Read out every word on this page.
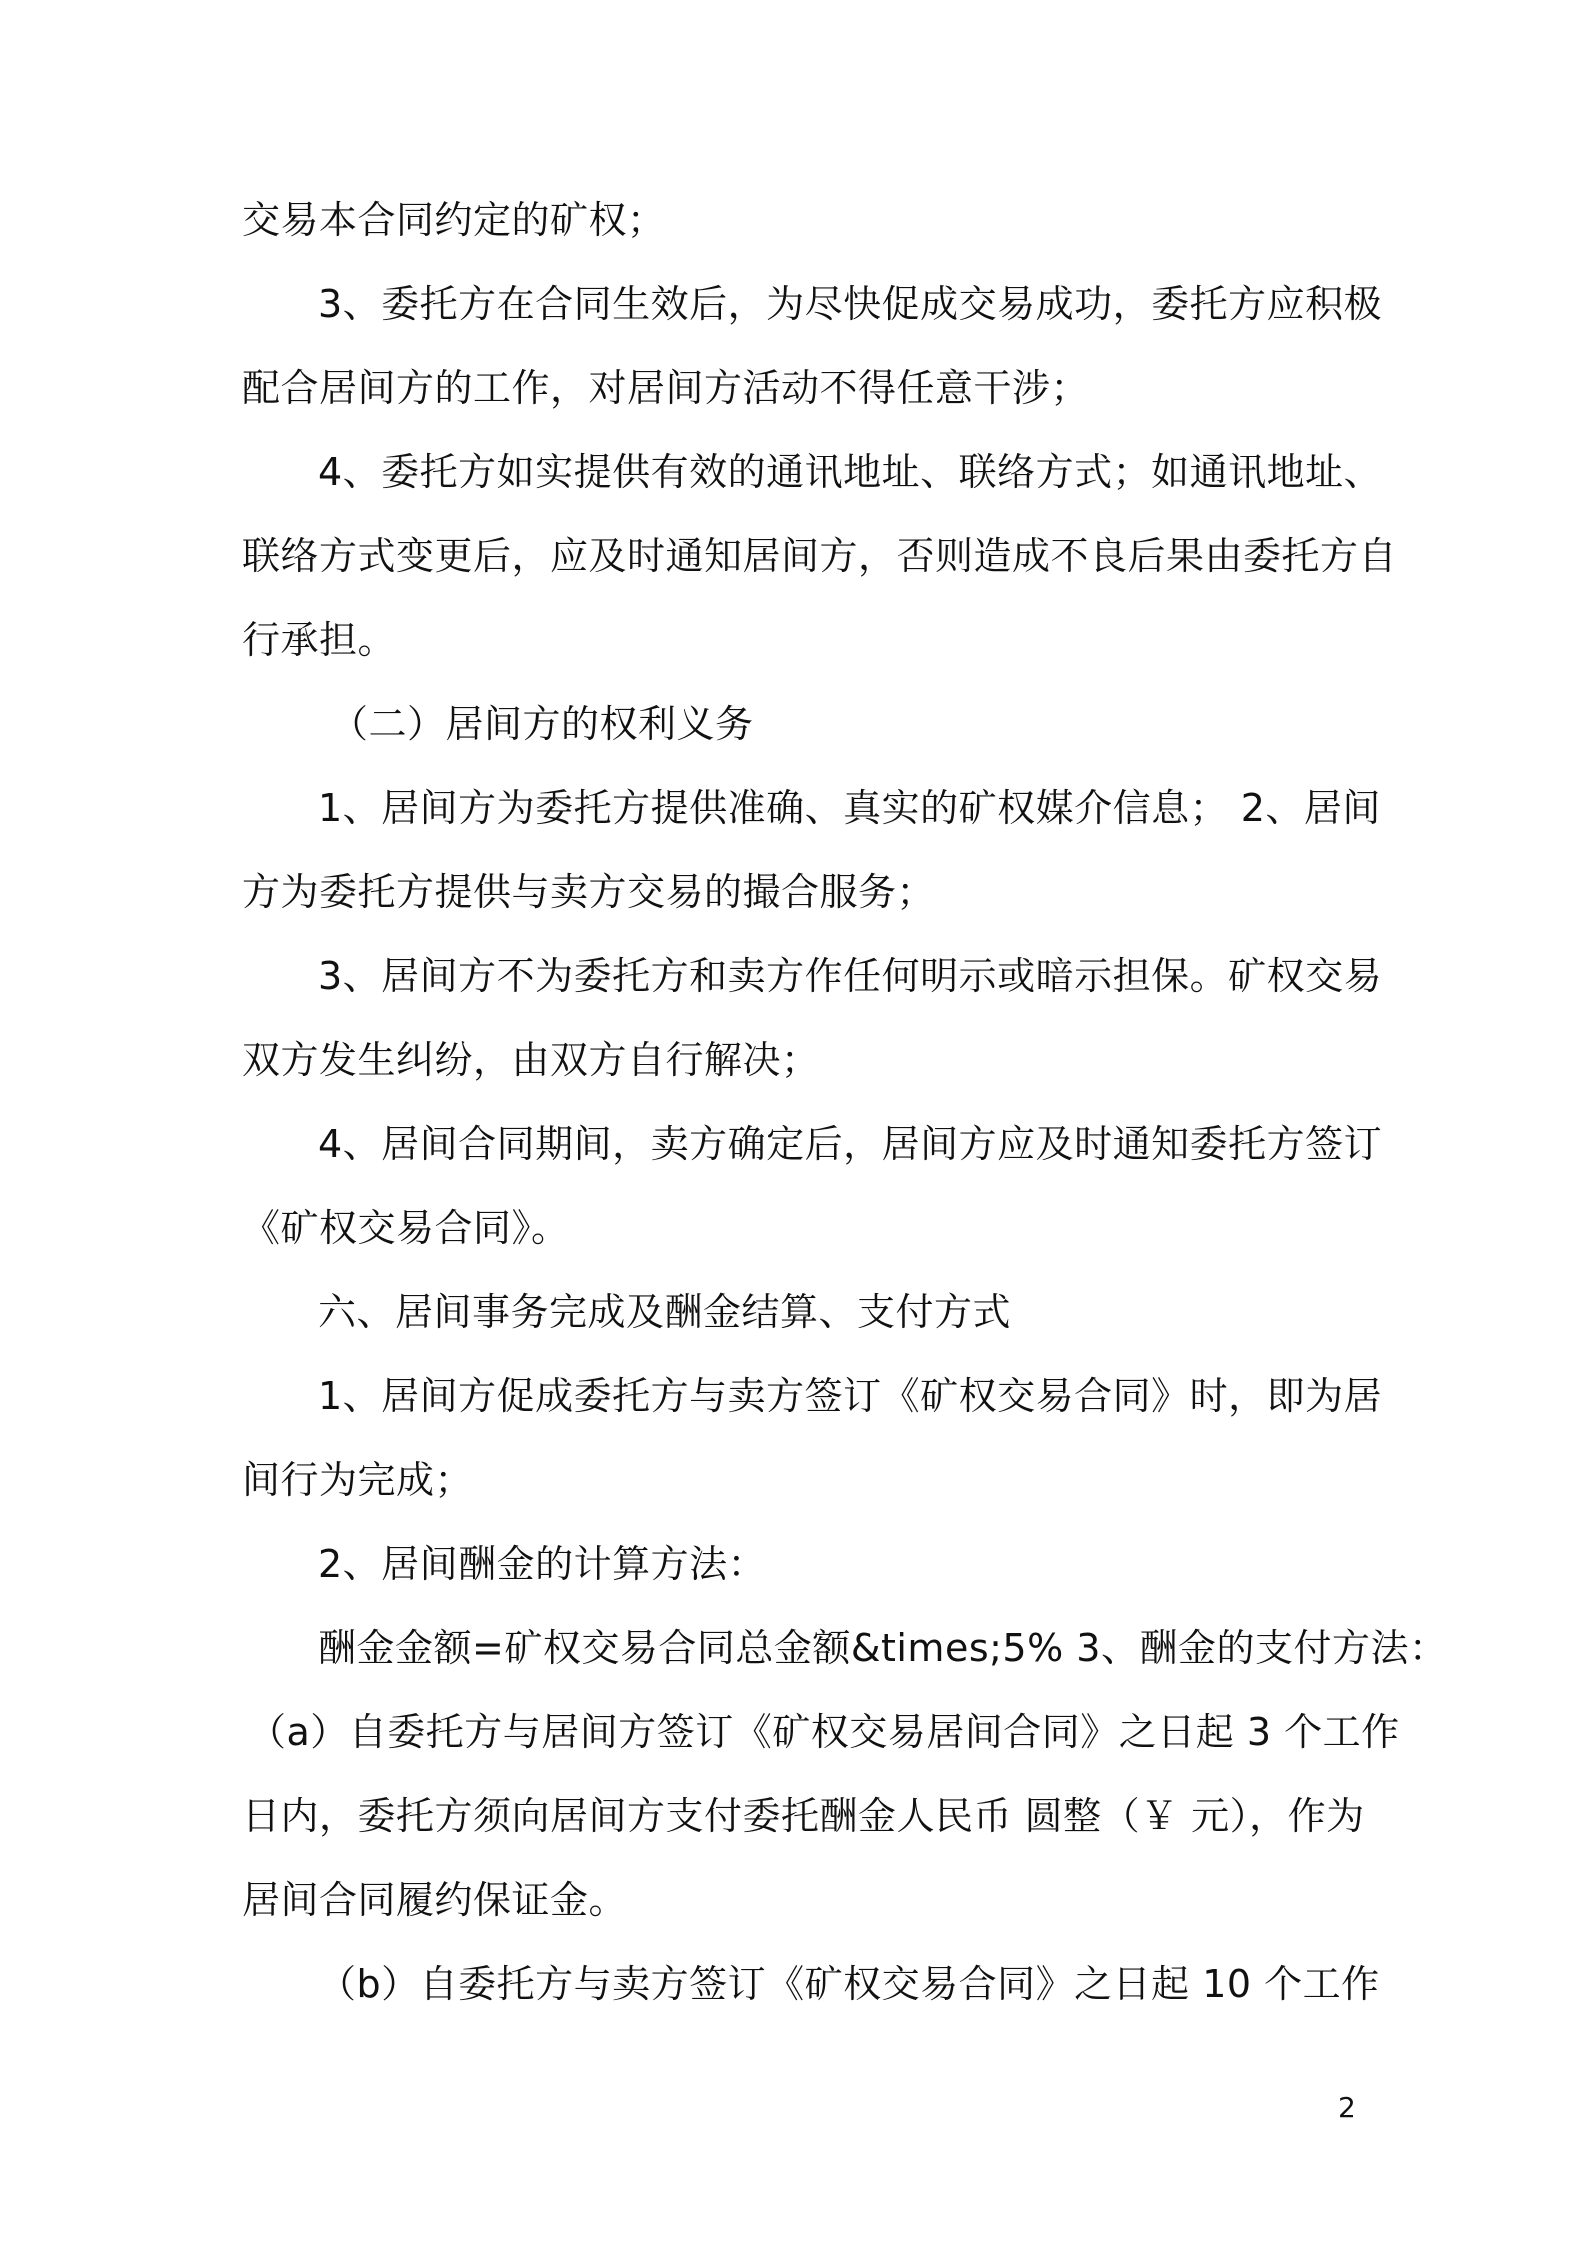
交易本合同约定的矿权；
3、委托方在合同生效后，为尽快促成交易成功，委托方应积极
配合居间方的工作，对居间方活动不得任意干涉；
4、委托方如实提供有效的通讯地址、联络方式；如通讯地址、
联络方式变更后，应及时通知居间方，否则造成不良后果由委托方自
行承担。
（二）居间方的权利义务
1、居间方为委托方提供准确、真实的矿权媒介信息； 2、居间
方为委托方提供与卖方交易的撮合服务；
3、居间方不为委托方和卖方作任何明示或暗示担保。矿权交易
双方发生纠纷，由双方自行解决；
4、居间合同期间，卖方确定后，居间方应及时通知委托方签订
《矿权交易合同》。
六、居间事务完成及酬金结算、支付方式
1、居间方促成委托方与卖方签订《矿权交易合同》时，即为居
间行为完成；
2、居间酬金的计算方法：
酬金金额=矿权交易合同总金额&times;5% 3、酬金的支付方法：
（a）自委托方与居间方签订《矿权交易居间合同》之日起 3 个工作
日内，委托方须向居间方支付委托酬金人民币 圆整（￥ 元），作为
居间合同履约保证金。
（b）自委托方与卖方签订《矿权交易合同》之日起 10 个工作
2
